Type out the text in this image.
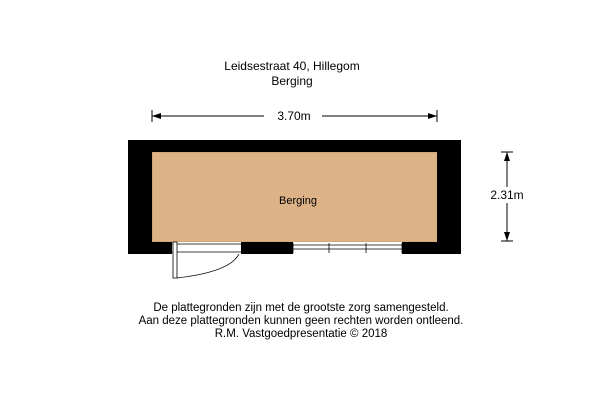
Leidsestraat 40, Hillegom
Berging
3.70m
2.31m
Berging
De plattegronden zijn met de grootste zorg samengesteld.
Aan deze plattegronden kunnen geen rechten worden ontleend.
R.M. Vastgoedpresentatie © 2018
